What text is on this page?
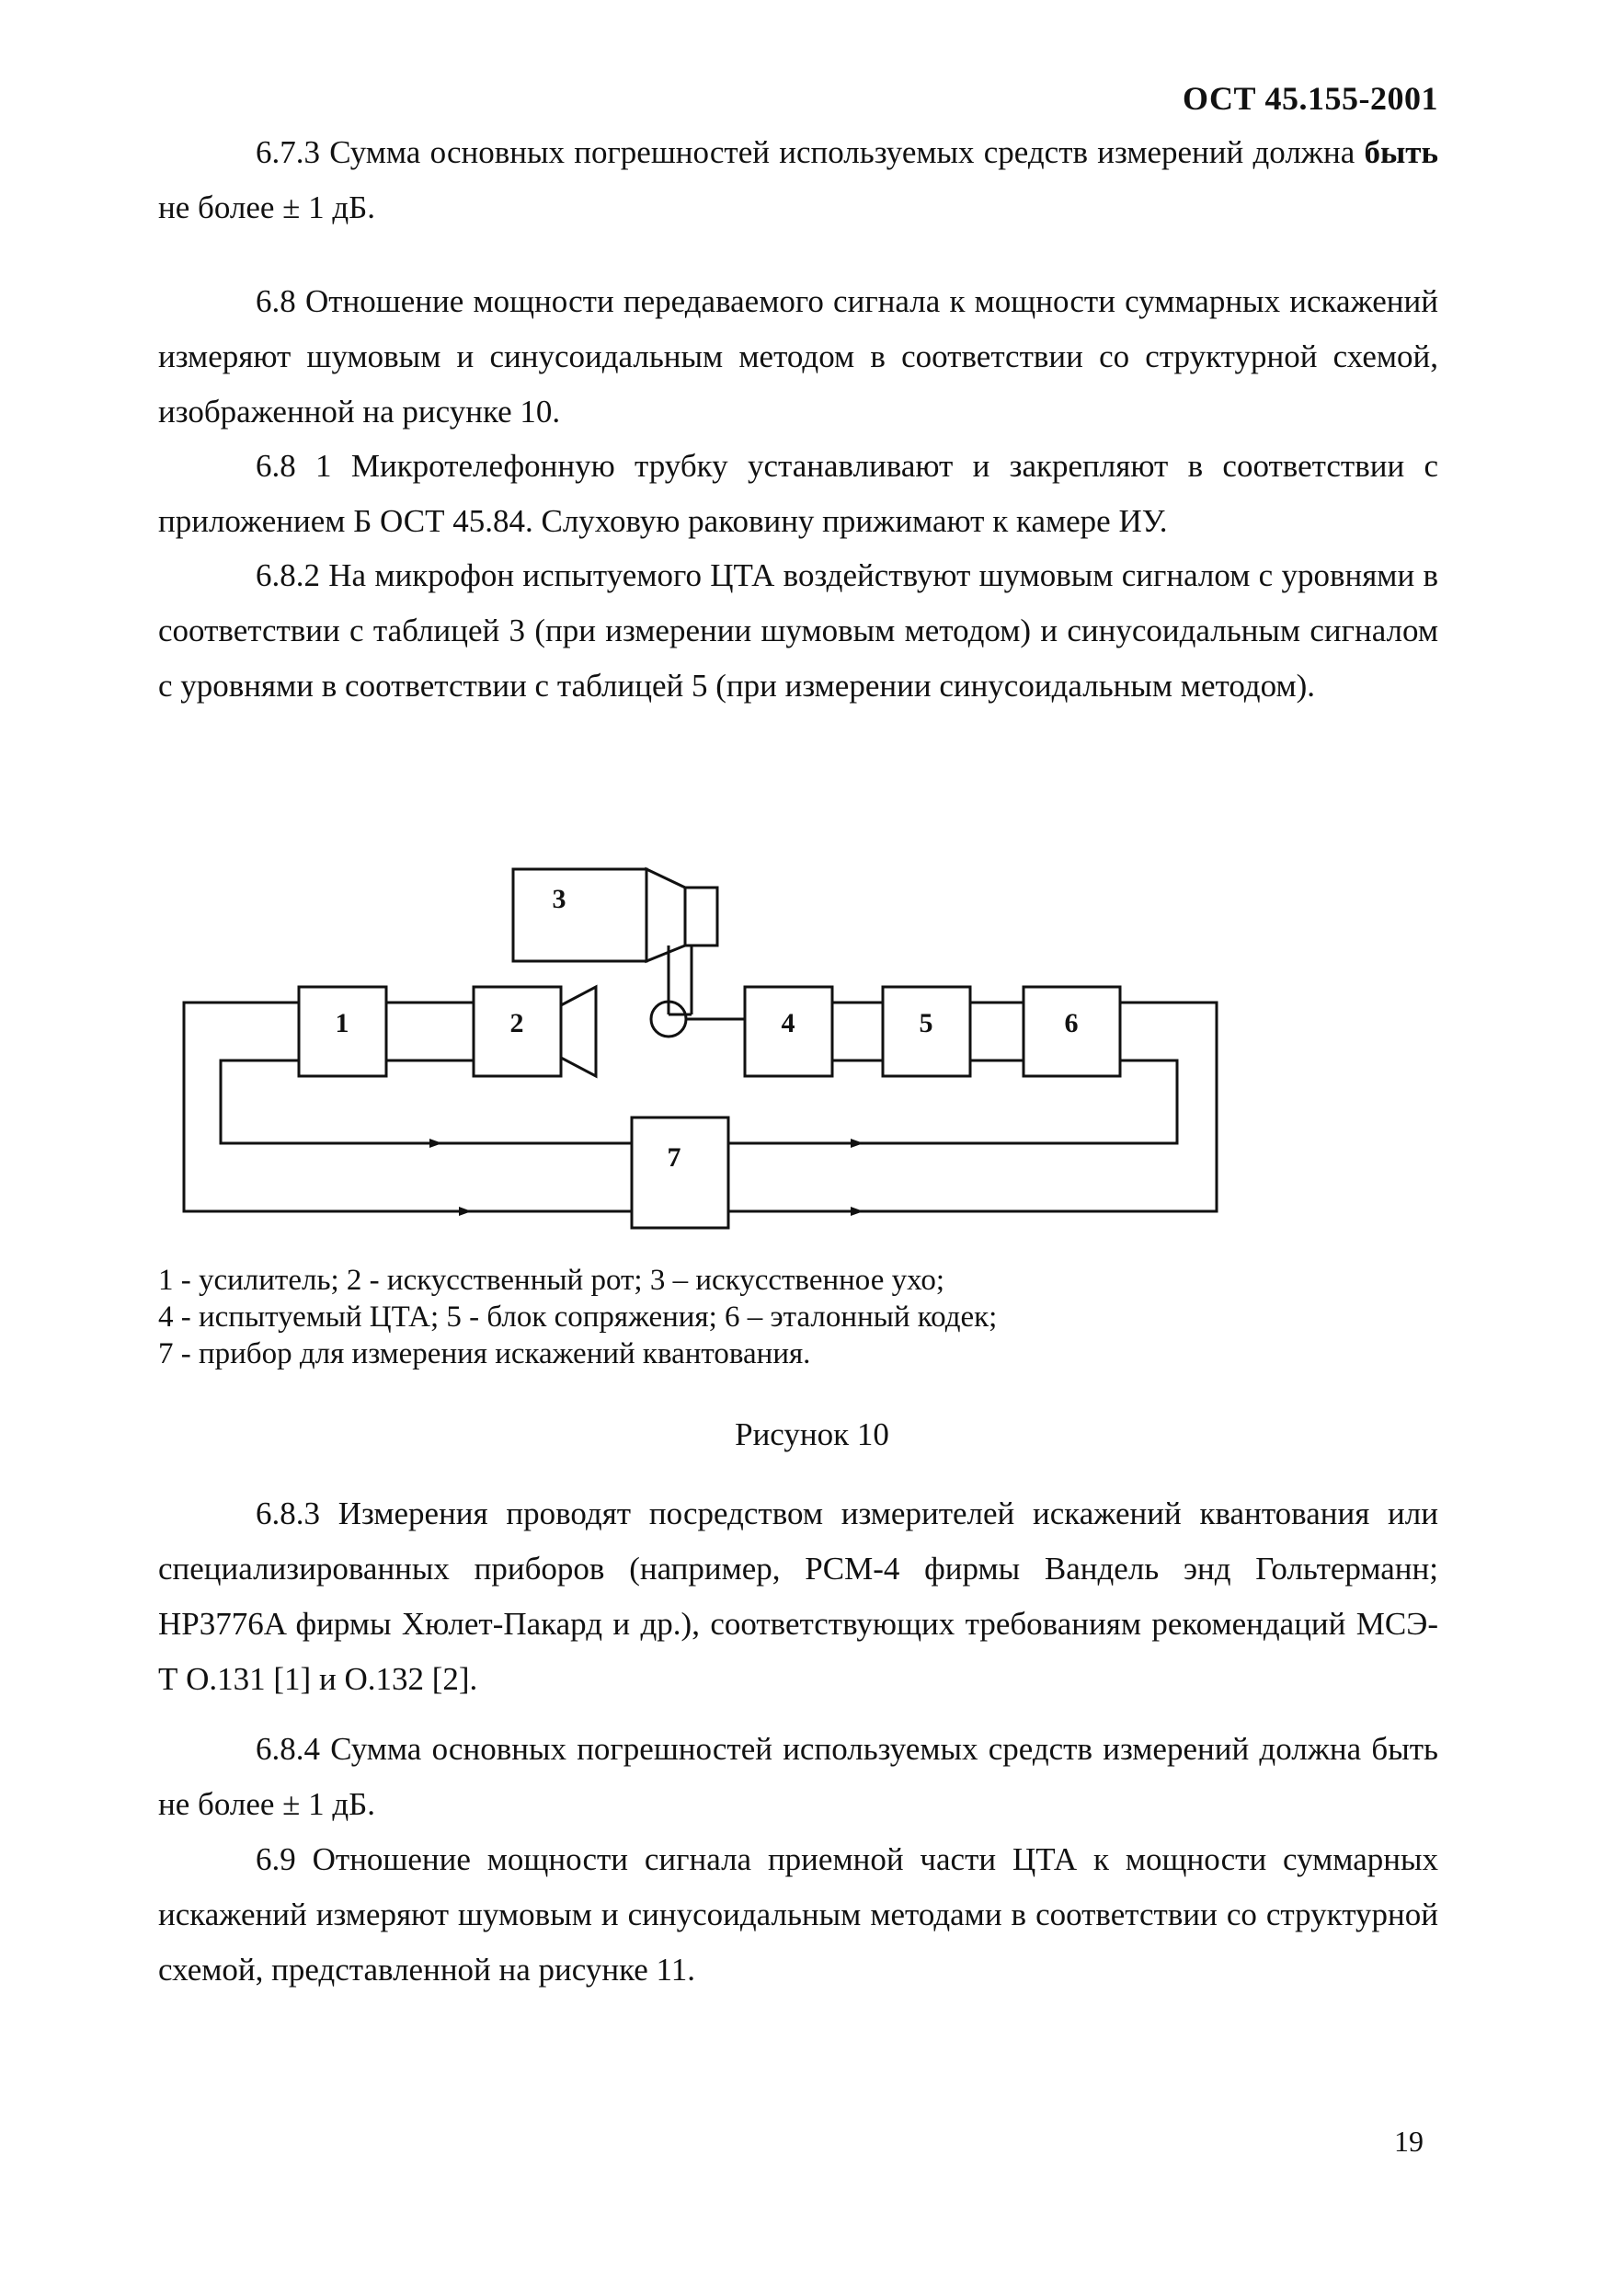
ОСТ 45.155-2001

6.7.3 Сумма основных погрешностей используемых средств измерений должна быть не более ± 1 дБ.

6.8 Отношение мощности передаваемого сигнала к мощности суммарных искажений измеряют шумовым и синусоидальным методом в соответствии со структурной схемой, изображенной на рисунке 10.

6.8 1 Микротелефонную трубку устанавливают и закрепляют в соответствии с приложением Б ОСТ 45.84. Слуховую раковину прижимают к камере ИУ.

6.8.2 На микрофон испытуемого ЦТА воздействуют шумовым сигналом с уровнями в соответствии с таблицей 3 (при измерении шумовым методом) и синусоидальным сигналом с уровнями в соответствии с таблицей 5 (при измерении синусоидальным методом).

1	2
3
4	5	6
7
1 - усилитель; 2 - искусственный рот; 3 – искусственное ухо;
4 - испытуемый ЦТА; 5 - блок сопряжения; 6 – эталонный кодек;
7 - прибор для измерения искажений квантования.
Рисунок 10

6.8.3 Измерения проводят посредством измерителей искажений квантования или специализированных приборов (например, PCM-4 фирмы Вандель энд Гольтерманн; HP3776A фирмы Хюлет-Пакард и др.), соответствующих требованиям рекомендаций МСЭ-Т О.131 [1] и О.132 [2].

6.8.4 Сумма основных погрешностей используемых средств измерений должна быть не более ± 1 дБ.

6.9 Отношение мощности сигнала приемной части ЦТА к мощности суммарных искажений измеряют шумовым и синусоидальным методами в соответствии со структурной схемой, представленной на рисунке 11.

19
